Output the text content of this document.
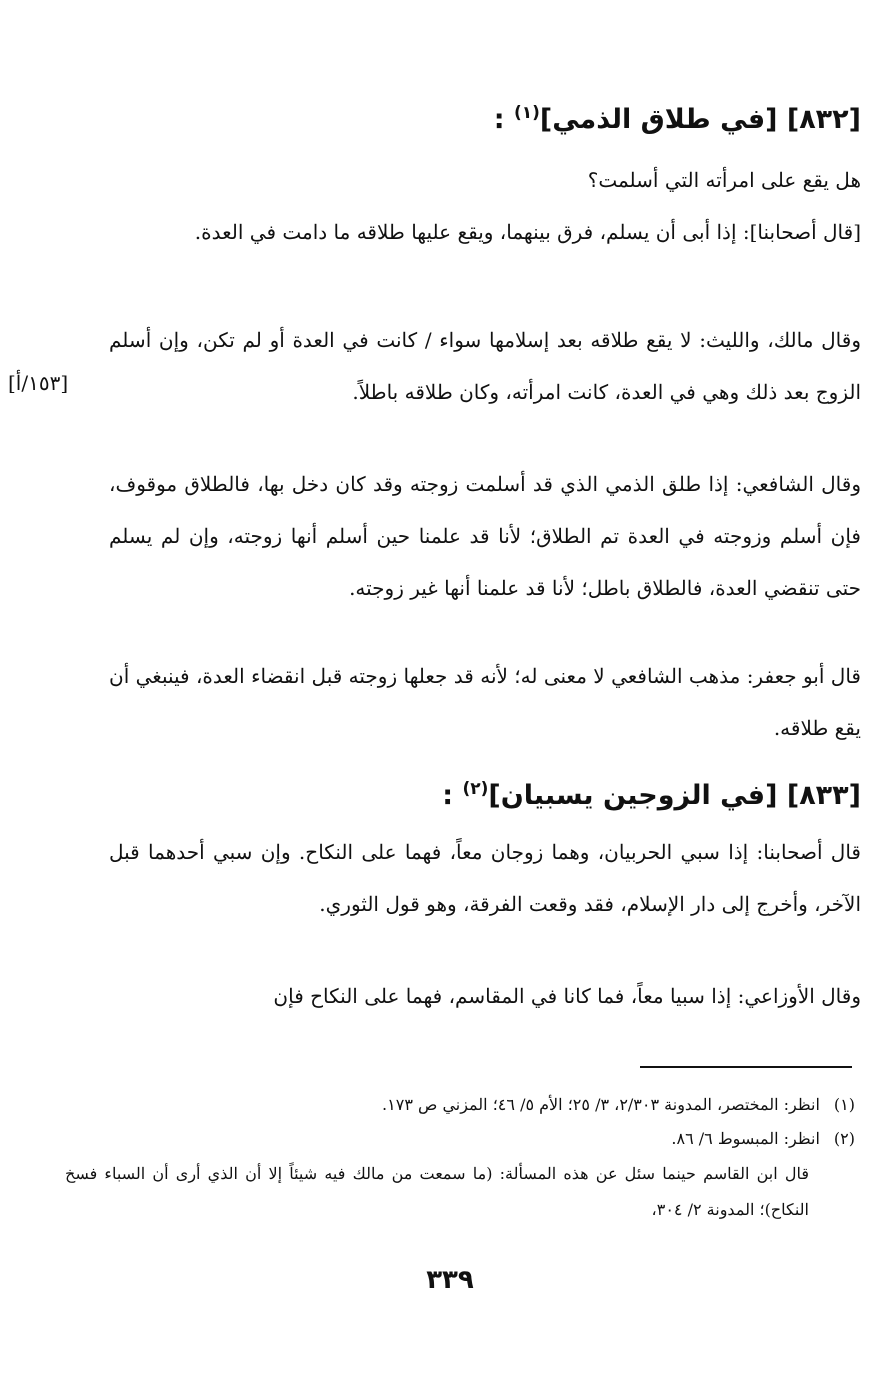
[٨٣٢] [في طلاق الذمي]$^{(١)}$ :
هل يقع على امرأته التي أسلمت؟
[قال أصحابنا]: إذا أبى أن يسلم، فرق بينهما، ويقع عليها طلاقه ما دامت في العدة.
وقال مالك، والليث: لا يقع طلاقه بعد إسلامها سواء / كانت في العدة أو لم تكن، وإن أسلم الزوج بعد ذلك وهي في العدة، كانت امرأته، وكان طلاقه باطلاً.
[١٥٣/أ]
وقال الشافعي: إذا طلق الذمي الذي قد أسلمت زوجته وقد كان دخل بها، فالطلاق موقوف، فإن أسلم وزوجته في العدة تم الطلاق؛ لأنا قد علمنا حين أسلم أنها زوجته، وإن لم يسلم حتى تنقضي العدة، فالطلاق باطل؛ لأنا قد علمنا أنها غير زوجته.
قال أبو جعفر: مذهب الشافعي لا معنى له؛ لأنه قد جعلها زوجته قبل انقضاء العدة، فينبغي أن يقع طلاقه.
[٨٣٣] [في الزوجين يسبيان]$^{(٢)}$ :
قال أصحابنا: إذا سبي الحربيان، وهما زوجان معاً، فهما على النكاح. وإن سبي أحدهما قبل الآخر، وأخرج إلى دار الإسلام، فقد وقعت الفرقة، وهو قول الثوري.
وقال الأوزاعي: إذا سبيا معاً، فما كانا في المقاسم، فهما على النكاح فإن
(١)انظر: المختصر، المدونة ٢/٣٠٣، ٣/ ٢٥؛ الأم ٥/ ٤٦؛ المزني ص ١٧٣.
(٢)انظر: المبسوط ٦/ ٨٦.
قال ابن القاسم حينما سئل عن هذه المسألة: (ما سمعت من مالك فيه شيئاً إلا أن الذي أرى أن السباء فسخ النكاح)؛ المدونة ٢/ ٣٠٤،
٣٣٩
